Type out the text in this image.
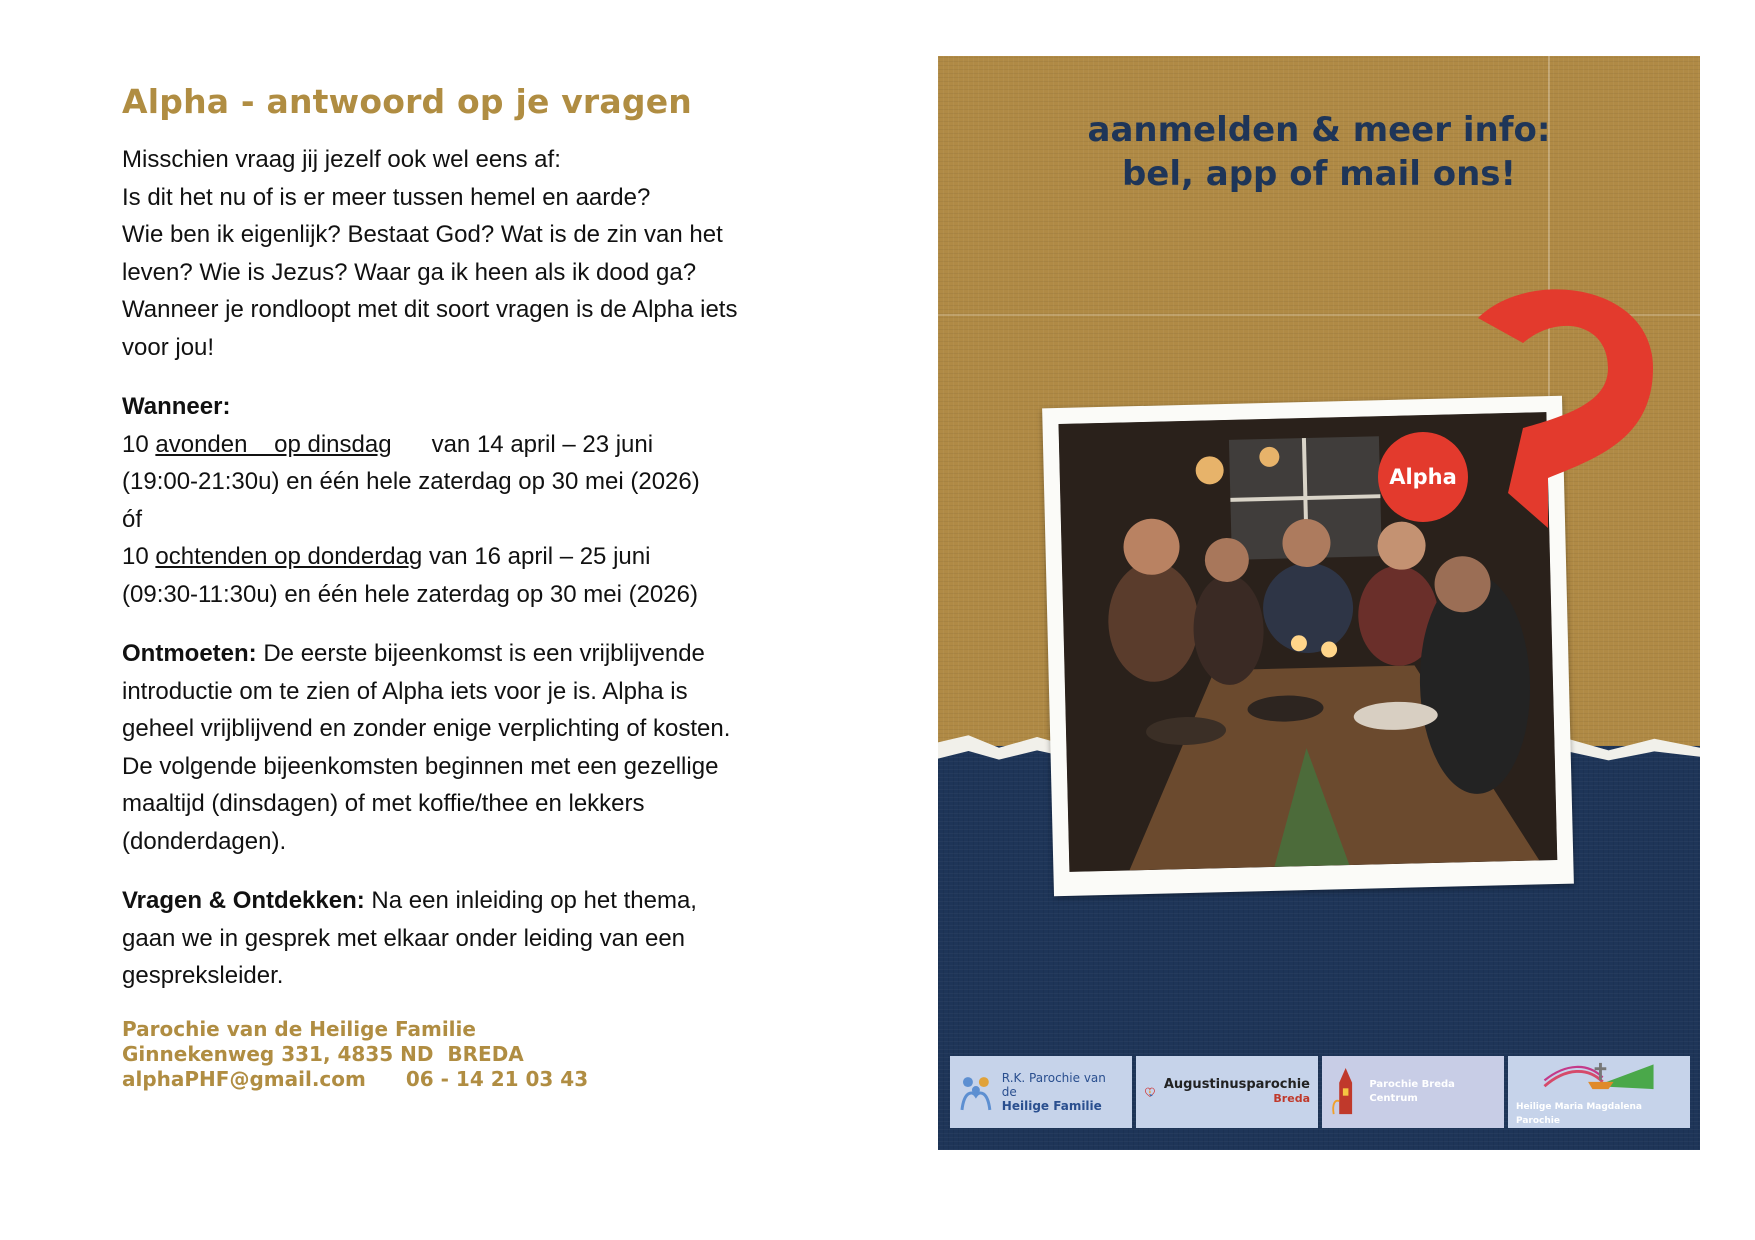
Alpha - antwoord op je vragen

Misschien vraag jij jezelf ook wel eens af:
Is dit het nu of is er meer tussen hemel en aarde?
Wie ben ik eigenlijk? Bestaat God? Wat is de zin van het
leven? Wie is Jezus? Waar ga ik heen als ik dood ga?
Wanneer je rondloopt met dit soort vragen is de Alpha iets
voor jou!

Wanneer:
10 avonden    op dinsdag      van 14 april – 23 juni
(19:00-21:30u) en één hele zaterdag op 30 mei (2026)
óf
10 ochtenden op donderdag van 16 april – 25 juni
(09:30-11:30u) en één hele zaterdag op 30 mei (2026)

Ontmoeten: De eerste bijeenkomst is een vrijblijvende
introductie om te zien of Alpha iets voor je is. Alpha is
geheel vrijblijvend en zonder enige verplichting of kosten.
De volgende bijeenkomsten beginnen met een gezellige
maaltijd (dinsdagen) of met koffie/thee en lekkers
(donderdagen).

Vragen & Ontdekken: Na een inleiding op het thema,
gaan we in gesprek met elkaar onder leiding van een
gespreksleider.

Parochie van de Heilige Familie
Ginnekenweg 331, 4835 ND  BREDA
alphaPHF@gmail.com 06 - 14 21 03 43
aanmelden & meer info:
bel, app of mail ons!
Alpha
R.K. Parochie van de
Heilige Familie
Augustinusparochie
Breda
Parochie Breda Centrum
Heilige Maria Magdalena Parochie
